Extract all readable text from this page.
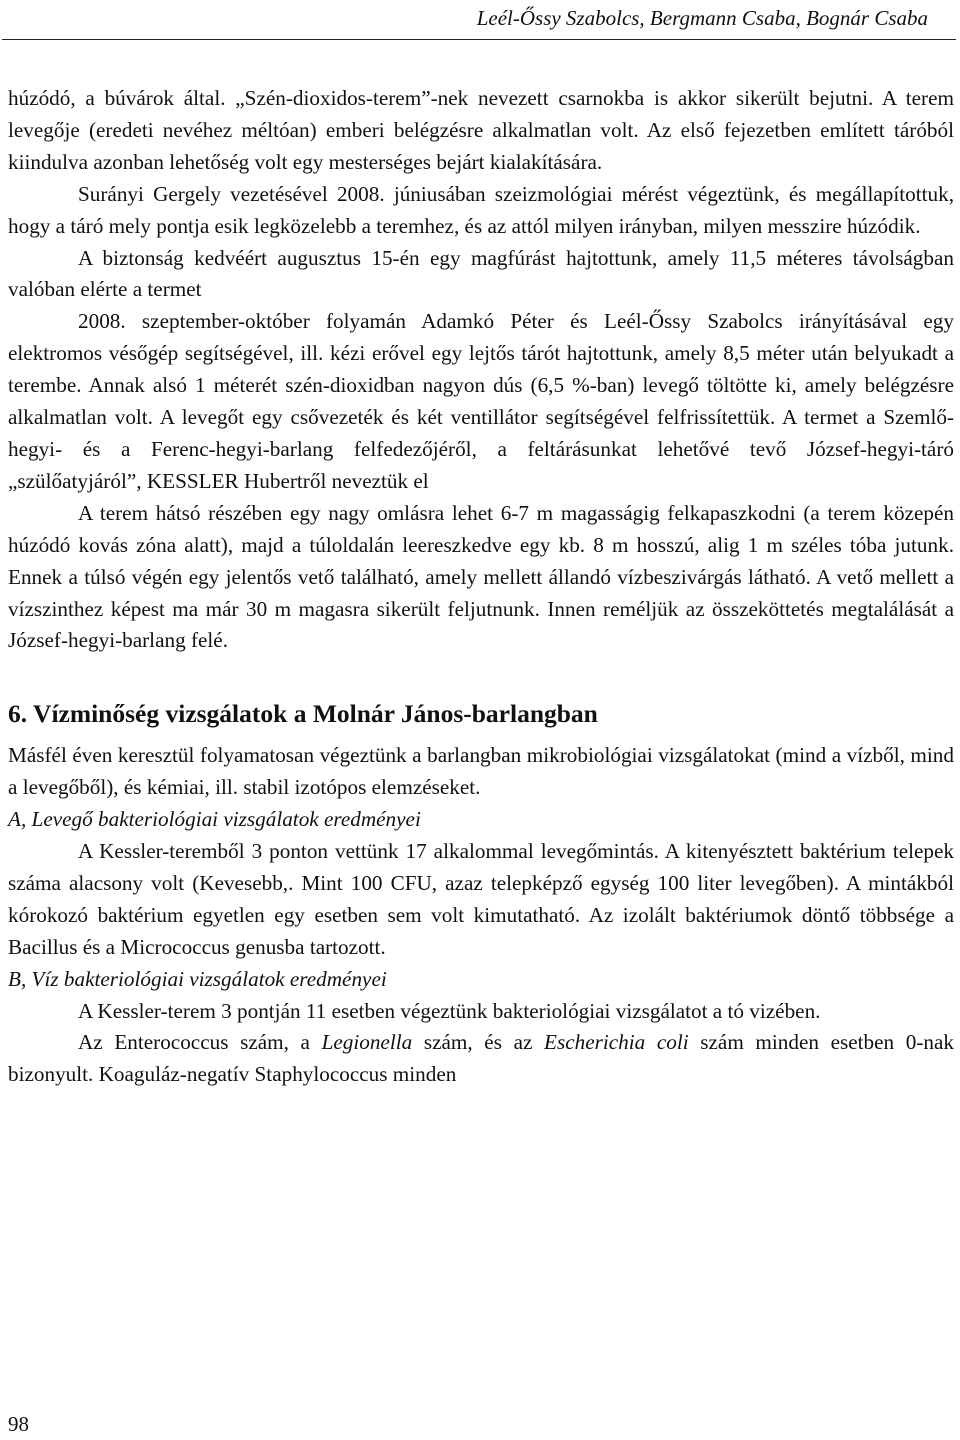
Leél-Őssy Szabolcs, Bergmann Csaba, Bognár Csaba

húzódó, a búvárok által. „Szén-dioxidos-terem”-nek nevezett csarnokba is akkor sikerült bejutni. A terem levegője (eredeti nevéhez méltóan) emberi belégzésre alkalmatlan volt. Az első fejezetben említett táróból kiindulva azonban lehetőség volt egy mesterséges bejárt kialakítására.

Surányi Gergely vezetésével 2008. júniusában szeizmológiai mérést végeztünk, és megállapítottuk, hogy a táró mely pontja esik legközelebb a teremhez, és az attól milyen irányban, milyen messzire húzódik.

A biztonság kedvéért augusztus 15-én egy magfúrást hajtottunk, amely 11,5 méteres távolságban valóban elérte a termet

2008. szeptember-október folyamán Adamkó Péter és Leél-Őssy Szabolcs irányításával egy elektromos vésőgép segítségével, ill. kézi erővel egy lejtős tárót hajtottunk, amely 8,5 méter után belyukadt a terembe. Annak alsó 1 méterét szén-dioxidban nagyon dús (6,5 %-ban) levegő töltötte ki, amely belégzésre alkalmatlan volt. A levegőt egy csővezeték és két ventillátor segítségével felfrissítettük. A termet a Szemlő-hegyi- és a Ferenc-hegyi-barlang felfedezőjéről, a feltárásunkat lehetővé tevő József-hegyi-táró „szülőatyjáról”, KESSLER Hubertről neveztük el

A terem hátsó részében egy nagy omlásra lehet 6-7 m magasságig felkapaszkodni (a terem közepén húzódó kovás zóna alatt), majd a túloldalán leereszkedve egy kb. 8 m hosszú, alig 1 m széles tóba jutunk. Ennek a túlsó végén egy jelentős vető található, amely mellett állandó vízbeszivárgás látható. A vető mellett a vízszinthez képest ma már 30 m magasra sikerült feljutnunk. Innen reméljük az összeköttetés megtalálását a József-hegyi-barlang felé.

6. Vízminőség vizsgálatok a Molnár János-barlangban

Másfél éven keresztül folyamatosan végeztünk a barlangban mikrobiológiai vizsgálatokat (mind a vízből, mind a levegőből), és kémiai, ill. stabil izotópos elemzéseket.

A, Levegő bakteriológiai vizsgálatok eredményei

A Kessler-teremből 3 ponton vettünk 17 alkalommal levegőmintás. A kitenyésztett baktérium telepek száma alacsony volt (Kevesebb,. Mint 100 CFU, azaz telepképző egység 100 liter levegőben). A mintákból kórokozó baktérium egyetlen egy esetben sem volt kimutatható. Az izolált baktériumok döntő többsége a Bacillus és a Micrococcus genusba tartozott.

B, Víz bakteriológiai vizsgálatok eredményei

A Kessler-terem 3 pontján 11 esetben végeztünk bakteriológiai vizsgálatot a tó vizében.

Az Enterococcus szám, a Legionella szám, és az Escherichia coli szám minden esetben 0-nak bizonyult. Koaguláz-negatív Staphylococcus minden

98
